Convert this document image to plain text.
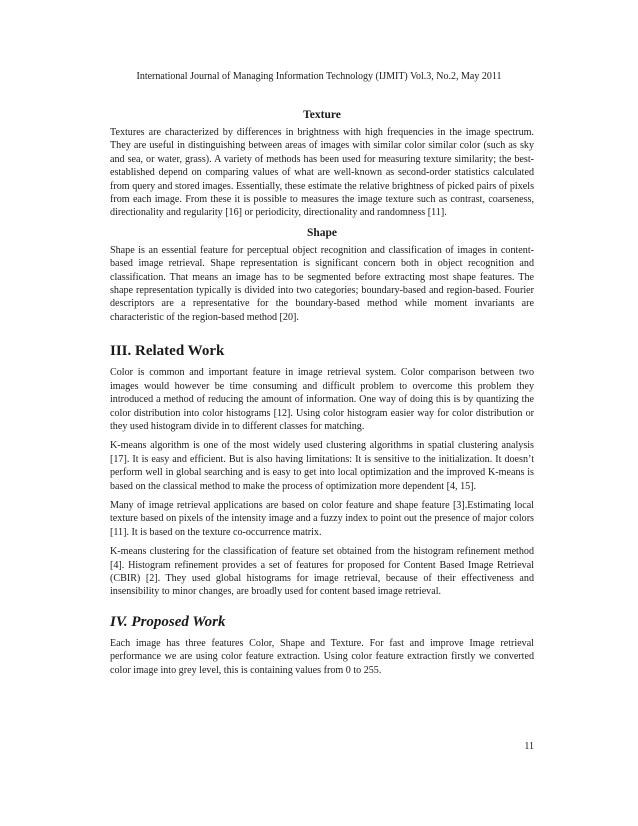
International Journal of Managing Information Technology (IJMIT) Vol.3, No.2, May 2011
Texture

Textures are characterized by differences in brightness with high frequencies in the image spectrum. They are useful in distinguishing between areas of images with similar color similar color (such as sky and sea, or water, grass). A variety of methods has been used for measuring texture similarity; the best- established depend on comparing values of what are well-known as second-order statistics calculated from query and stored images. Essentially, these estimate the relative brightness of picked pairs of pixels from each image. From these it is possible to measures the image texture such as contrast, coarseness, directionality and regularity [16] or periodicity, directionality and randomness [11].

Shape

Shape is an essential feature for perceptual object recognition and classification of images in content-based image retrieval. Shape representation is significant concern both in object recognition and classification. That means an image has to be segmented before extracting most shape features. The shape representation typically is divided into two categories; boundary-based and region-based. Fourier descriptors are a representative for the boundary-based method while moment invariants are characteristic of the region-based method [20].

III. Related Work

Color is common and important feature in image retrieval system. Color comparison between two images would however be time consuming and difficult problem to overcome this problem they introduced a method of reducing the amount of information. One way of doing this is by quantizing the color distribution into color histograms [12]. Using color histogram easier way for color distribution or they used histogram divide in to different classes for matching.

K-means algorithm is one of the most widely used clustering algorithms in spatial clustering analysis [17]. It is easy and efficient. But is also having limitations: It is sensitive to the initialization. It doesn’t perform well in global searching and is easy to get into local optimization and the improved K-means is based on the classical method to make the process of optimization more dependent [4, 15].

Many of image retrieval applications are based on color feature and shape feature [3].Estimating local texture based on pixels of the intensity image and a fuzzy index to point out the presence of major colors [11]. It is based on the texture co-occurrence matrix.

K-means clustering for the classification of feature set obtained from the histogram refinement method [4]. Histogram refinement provides a set of features for proposed for Content Based Image Retrieval (CBIR) [2]. They used global histograms for image retrieval, because of their effectiveness and insensibility to minor changes, are broadly used for content based image retrieval.

IV. Proposed Work

Each image has three features Color, Shape and Texture. For fast and improve Image retrieval performance we are using color feature extraction. Using color feature extraction firstly we converted color image into grey level, this is containing values from 0 to 255.

11
